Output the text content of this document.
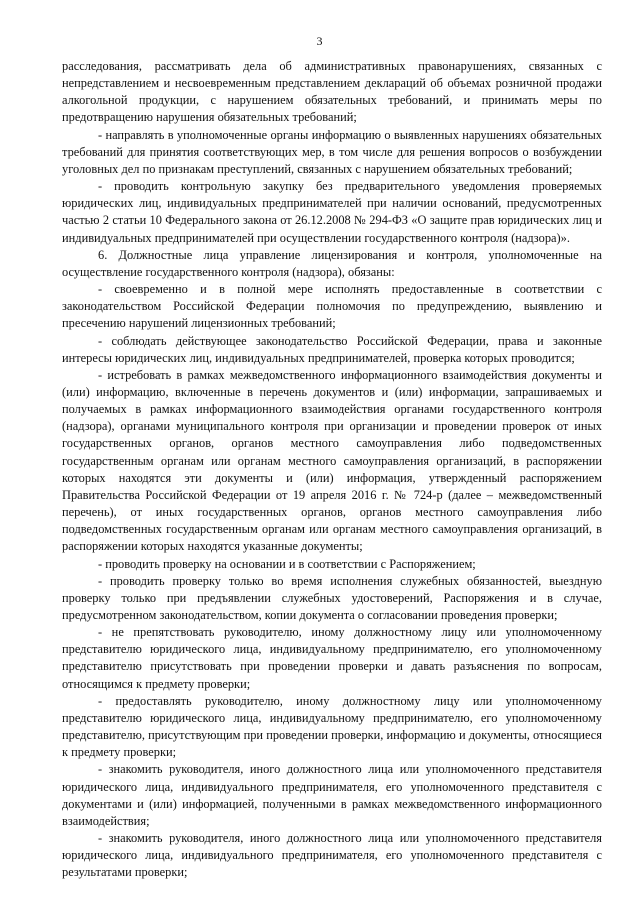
3

расследования, рассматривать дела об административных правонарушениях, связанных с непредставлением и несвоевременным представлением деклараций об объемах розничной продажи алкогольной продукции, с нарушением обязательных требований, и принимать меры по предотвращению нарушения обязательных требований;

- направлять в уполномоченные органы информацию о выявленных нарушениях обязательных требований для принятия соответствующих мер, в том числе для решения вопросов о возбуждении уголовных дел по признакам преступлений, связанных с нарушением обязательных требований;

- проводить контрольную закупку без предварительного уведомления проверяемых юридических лиц, индивидуальных предпринимателей при наличии оснований, предусмотренных частью 2 статьи 10 Федерального закона от 26.12.2008 № 294-ФЗ «О защите прав юридических лиц и индивидуальных предпринимателей при осуществлении государственного контроля (надзора)».

6. Должностные лица управление лицензирования и контроля, уполномоченные на осуществление государственного контроля (надзора), обязаны:

- своевременно и в полной мере исполнять предоставленные в соответствии с законодательством Российской Федерации полномочия по предупреждению, выявлению и пресечению нарушений лицензионных требований;

- соблюдать действующее законодательство Российской Федерации, права и законные интересы юридических лиц, индивидуальных предпринимателей, проверка которых проводится;

- истребовать в рамках межведомственного информационного взаимодействия документы и (или) информацию, включенные в перечень документов и (или) информации, запрашиваемых и получаемых в рамках информационного взаимодействия органами государственного контроля (надзора), органами муниципального контроля при организации и проведении проверок от иных государственных органов, органов местного самоуправления либо подведомственных государственным органам или органам местного самоуправления организаций, в распоряжении которых находятся эти документы и (или) информация, утвержденный распоряжением Правительства Российской Федерации от 19 апреля 2016 г. № 724-р (далее – межведомственный перечень), от иных государственных органов, органов местного самоуправления либо подведомственных государственным органам или органам местного самоуправления организаций, в распоряжении которых находятся указанные документы;

- проводить проверку на основании и в соответствии с Распоряжением;

- проводить проверку только во время исполнения служебных обязанностей, выездную проверку только при предъявлении служебных удостоверений, Распоряжения и в случае, предусмотренном законодательством, копии документа о согласовании проведения проверки;

- не препятствовать руководителю, иному должностному лицу или уполномоченному представителю юридического лица, индивидуальному предпринимателю, его уполномоченному представителю присутствовать при проведении проверки и давать разъяснения по вопросам, относящимся к предмету проверки;

- предоставлять руководителю, иному должностному лицу или уполномоченному представителю юридического лица, индивидуальному предпринимателю, его уполномоченному представителю, присутствующим при проведении проверки, информацию и документы, относящиеся к предмету проверки;

- знакомить руководителя, иного должностного лица или уполномоченного представителя юридического лица, индивидуального предпринимателя, его уполномоченного представителя с документами и (или) информацией, полученными в рамках межведомственного информационного взаимодействия;

- знакомить руководителя, иного должностного лица или уполномоченного представителя юридического лица, индивидуального предпринимателя, его уполномоченного представителя с результатами проверки;
